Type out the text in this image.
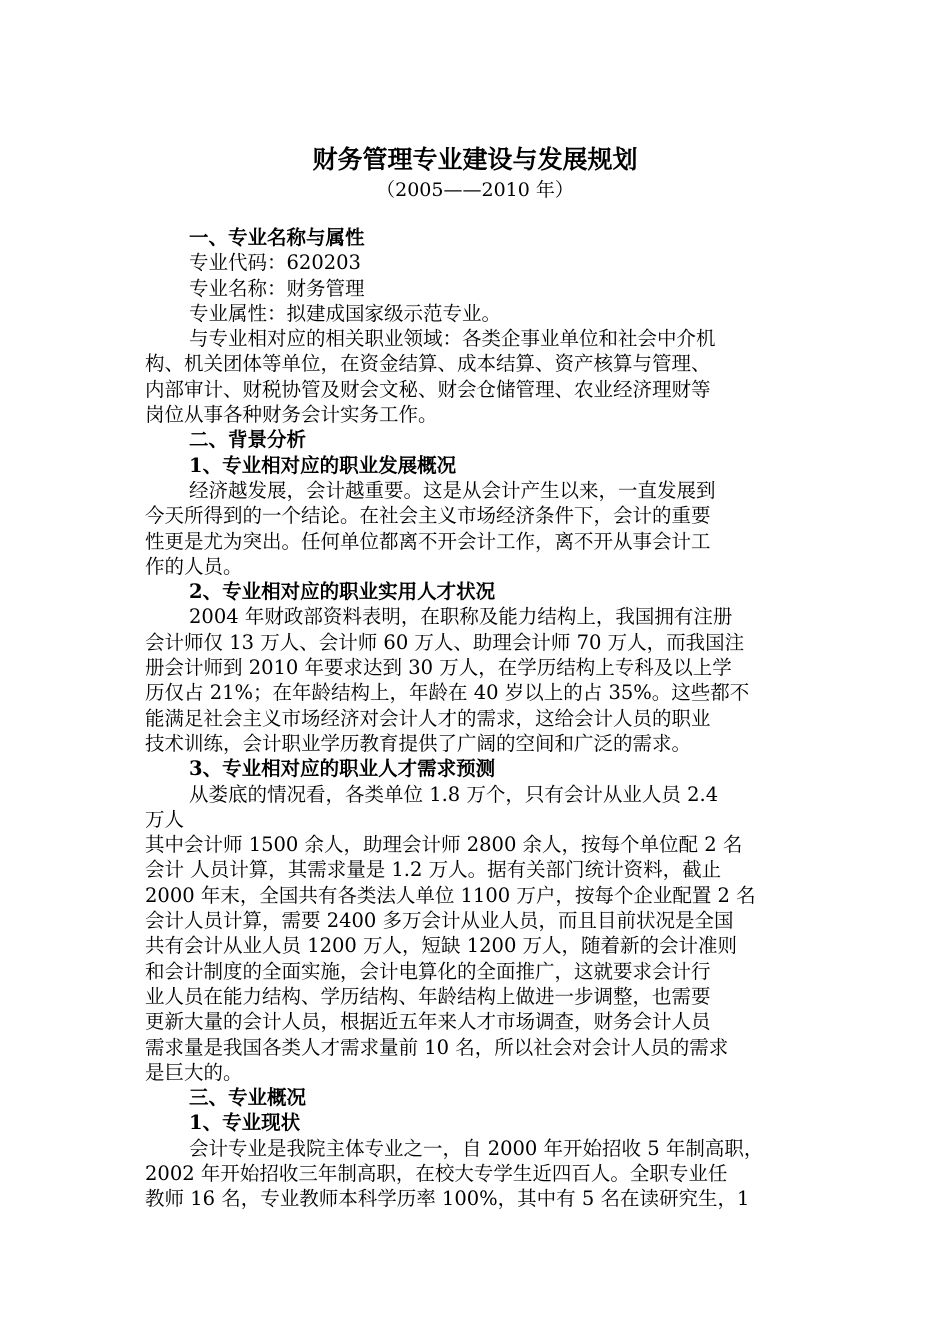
财务管理专业建设与发展规划
（2005——2010 年）
一、专业名称与属性
专业代码：620203
专业名称：财务管理
专业属性：拟建成国家级示范专业。
与专业相对应的相关职业领域：各类企事业单位和社会中介机
构、机关团体等单位，在资金结算、成本结算、资产核算与管理、
内部审计、财税协管及财会文秘、财会仓储管理、农业经济理财等
岗位从事各种财务会计实务工作。
二、背景分析
1、专业相对应的职业发展概况
经济越发展，会计越重要。这是从会计产生以来，一直发展到
今天所得到的一个结论。在社会主义市场经济条件下，会计的重要
性更是尤为突出。任何单位都离不开会计工作，离不开从事会计工
作的人员。
2、专业相对应的职业实用人才状况
2004 年财政部资料表明，在职称及能力结构上，我国拥有注册
会计师仅 13 万人、会计师 60 万人、助理会计师 70 万人，而我国注
册会计师到 2010 年要求达到 30 万人，在学历结构上专科及以上学
历仅占 21%；在年龄结构上，年龄在 40 岁以上的占 35%。这些都不
能满足社会主义市场经济对会计人才的需求，这给会计人员的职业
技术训练，会计职业学历教育提供了广阔的空间和广泛的需求。
3、专业相对应的职业人才需求预测
从娄底的情况看，各类单位 1.8 万个，只有会计从业人员 2.4
万人
其中会计师 1500 余人，助理会计师 2800 余人，按每个单位配 2 名
会计 人员计算，其需求量是 1.2 万人。据有关部门统计资料，截止
2000 年末，全国共有各类法人单位 1100 万户，按每个企业配置 2 名
会计人员计算，需要 2400 多万会计从业人员，而且目前状况是全国
共有会计从业人员 1200 万人，短缺 1200 万人，随着新的会计准则
和会计制度的全面实施，会计电算化的全面推广，这就要求会计行
业人员在能力结构、学历结构、年龄结构上做进一步调整，也需要
更新大量的会计人员，根据近五年来人才市场调查，财务会计人员
需求量是我国各类人才需求量前 10 名，所以社会对会计人员的需求
是巨大的。
三、专业概况
1、专业现状
会计专业是我院主体专业之一，自 2000 年开始招收 5 年制高职，
2002 年开始招收三年制高职，在校大专学生近四百人。全职专业任
教师 16 名，专业教师本科学历率 100%，其中有 5 名在读研究生，1
